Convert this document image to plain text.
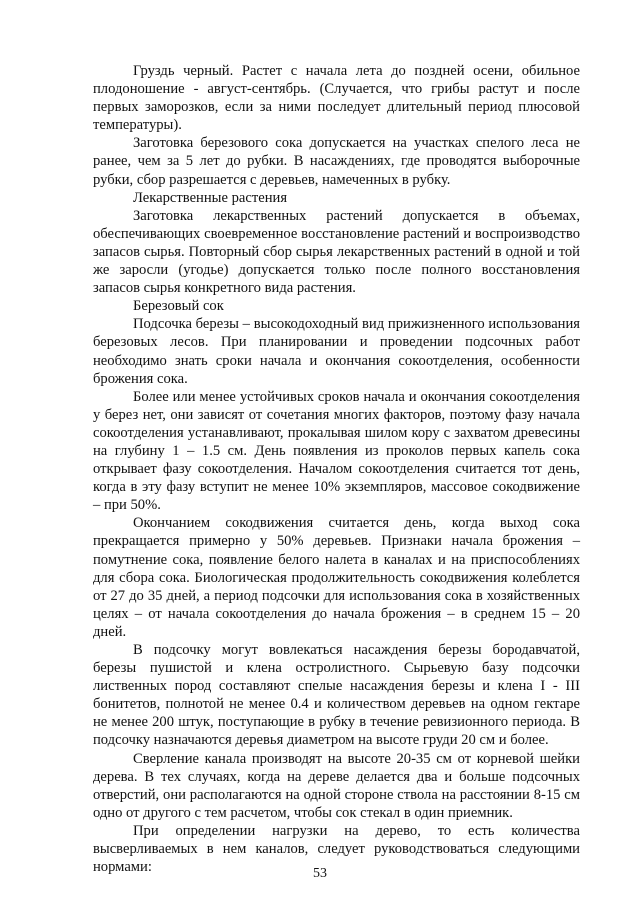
Груздь черный. Растет с начала лета до поздней осени, обильное плодоношение - август-сентябрь. (Случается, что грибы растут и после первых заморозков, если за ними последует длительный период плюсовой температуры).

Заготовка березового сока допускается на участках спелого леса не ранее, чем за 5 лет до рубки. В насаждениях, где проводятся выборочные рубки, сбор разрешается с деревьев, намеченных в рубку.

Лекарственные растения

Заготовка лекарственных растений допускается в объемах, обеспечивающих своевременное восстановление растений и воспроизводство запасов сырья. Повторный сбор сырья лекарственных растений в одной и той же заросли (угодье) допускается только после полного восстановления запасов сырья конкретного вида растения.

Березовый сок

Подсочка березы – высокодоходный вид прижизненного использования березовых лесов. При планировании и проведении подсочных работ необходимо знать сроки начала и окончания сокоотделения, особенности брожения сока.

Более или менее устойчивых сроков начала и окончания сокоотделения у берез нет, они зависят от сочетания многих факторов, поэтому фазу начала сокоотделения устанавливают, прокалывая шилом кору с захватом древесины на глубину 1 – 1.5 см. День появления из проколов первых капель сока открывает фазу сокоотделения. Началом сокоотделения считается тот день, когда в эту фазу вступит не менее 10% экземпляров, массовое сокодвижение – при 50%.

Окончанием сокодвижения считается день, когда выход сока прекращается примерно у 50% деревьев. Признаки начала брожения – помутнение сока, появление белого налета в каналах и на приспособлениях для сбора сока. Биологическая продолжительность сокодвижения колеблется от 27 до 35 дней, а период подсочки для использования сока в хозяйственных целях – от начала сокоотделения до начала брожения – в среднем 15 – 20 дней.

В подсочку могут вовлекаться насаждения березы бородавчатой, березы пушистой и клена остролистного. Сырьевую базу подсочки лиственных пород составляют спелые насаждения березы и клена I - III бонитетов, полнотой не менее 0.4 и количеством деревьев на одном гектаре не менее 200 штук, поступающие в рубку в течение ревизионного периода. В подсочку назначаются деревья диаметром на высоте груди 20 см и более.

Сверление канала производят на высоте 20-35 см от корневой шейки дерева. В тех случаях, когда на дереве делается два и больше подсочных отверстий, они располагаются на одной стороне ствола на расстоянии 8-15 см одно от другого с тем расчетом, чтобы сок стекал в один приемник.

При определении нагрузки на дерево, то есть количества высверливаемых в нем каналов, следует руководствоваться следующими нормами:	53
